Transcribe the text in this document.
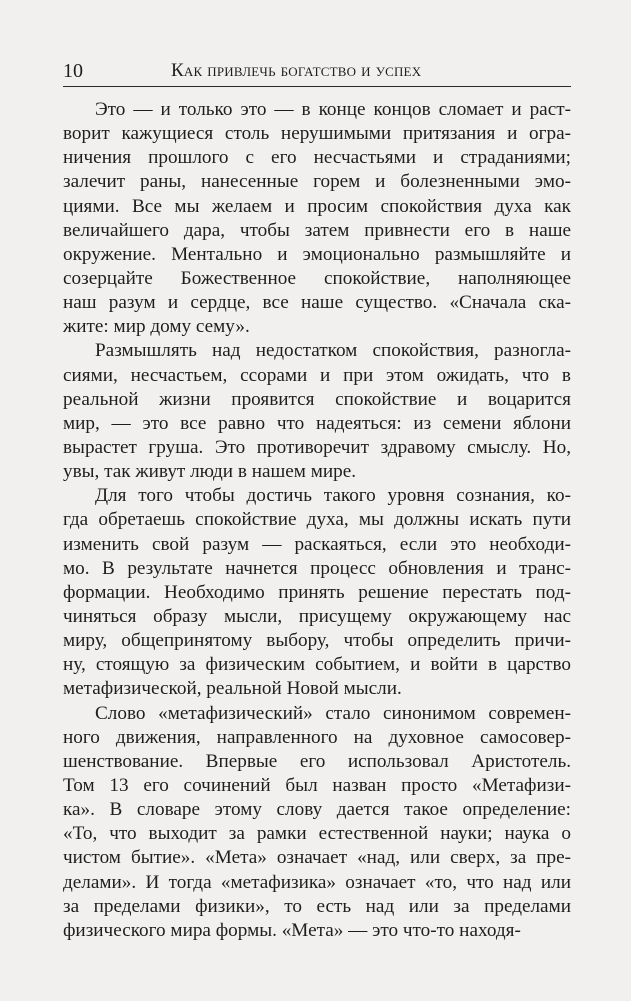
10	Как привлечь богатство и успех
Это — и только это — в конце концов сломает и раст-
ворит кажущиеся столь нерушимыми притязания и огра-
ничения прошлого с его несчастьями и страданиями;
залечит раны, нанесенные горем и болезненными эмо-
циями. Все мы желаем и просим спокойствия духа как
величайшего дара, чтобы затем привнести его в наше
окружение. Ментально и эмоционально размышляйте и
созерцайте Божественное спокойствие, наполняющее
наш разум и сердце, все наше существо. «Сначала ска-
жите: мир дому сему».
Размышлять над недостатком спокойствия, разногла-
сиями, несчастьем, ссорами и при этом ожидать, что в
реальной жизни проявится спокойствие и воцарится
мир, — это все равно что надеяться: из семени яблони
вырастет груша. Это противоречит здравому смыслу. Но,
увы, так живут люди в нашем мире.
Для того чтобы достичь такого уровня сознания, ко-
гда обретаешь спокойствие духа, мы должны искать пути
изменить свой разум — раскаяться, если это необходи-
мо. В результате начнется процесс обновления и транс-
формации. Необходимо принять решение перестать под-
чиняться образу мысли, присущему окружающему нас
миру, общепринятому выбору, чтобы определить причи-
ну, стоящую за физическим событием, и войти в царство
метафизической, реальной Новой мысли.
Слово «метафизический» стало синонимом современ-
ного движения, направленного на духовное самосовер-
шенствование. Впервые его использовал Аристотель.
Том 13 его сочинений был назван просто «Метафизи-
ка». В словаре этому слову дается такое определение:
«То, что выходит за рамки естественной науки; наука о
чистом бытие». «Мета» означает «над, или сверх, за пре-
делами». И тогда «метафизика» означает «то, что над или
за пределами физики», то есть над или за пределами
физического мира формы. «Мета» — это что-то находя-
